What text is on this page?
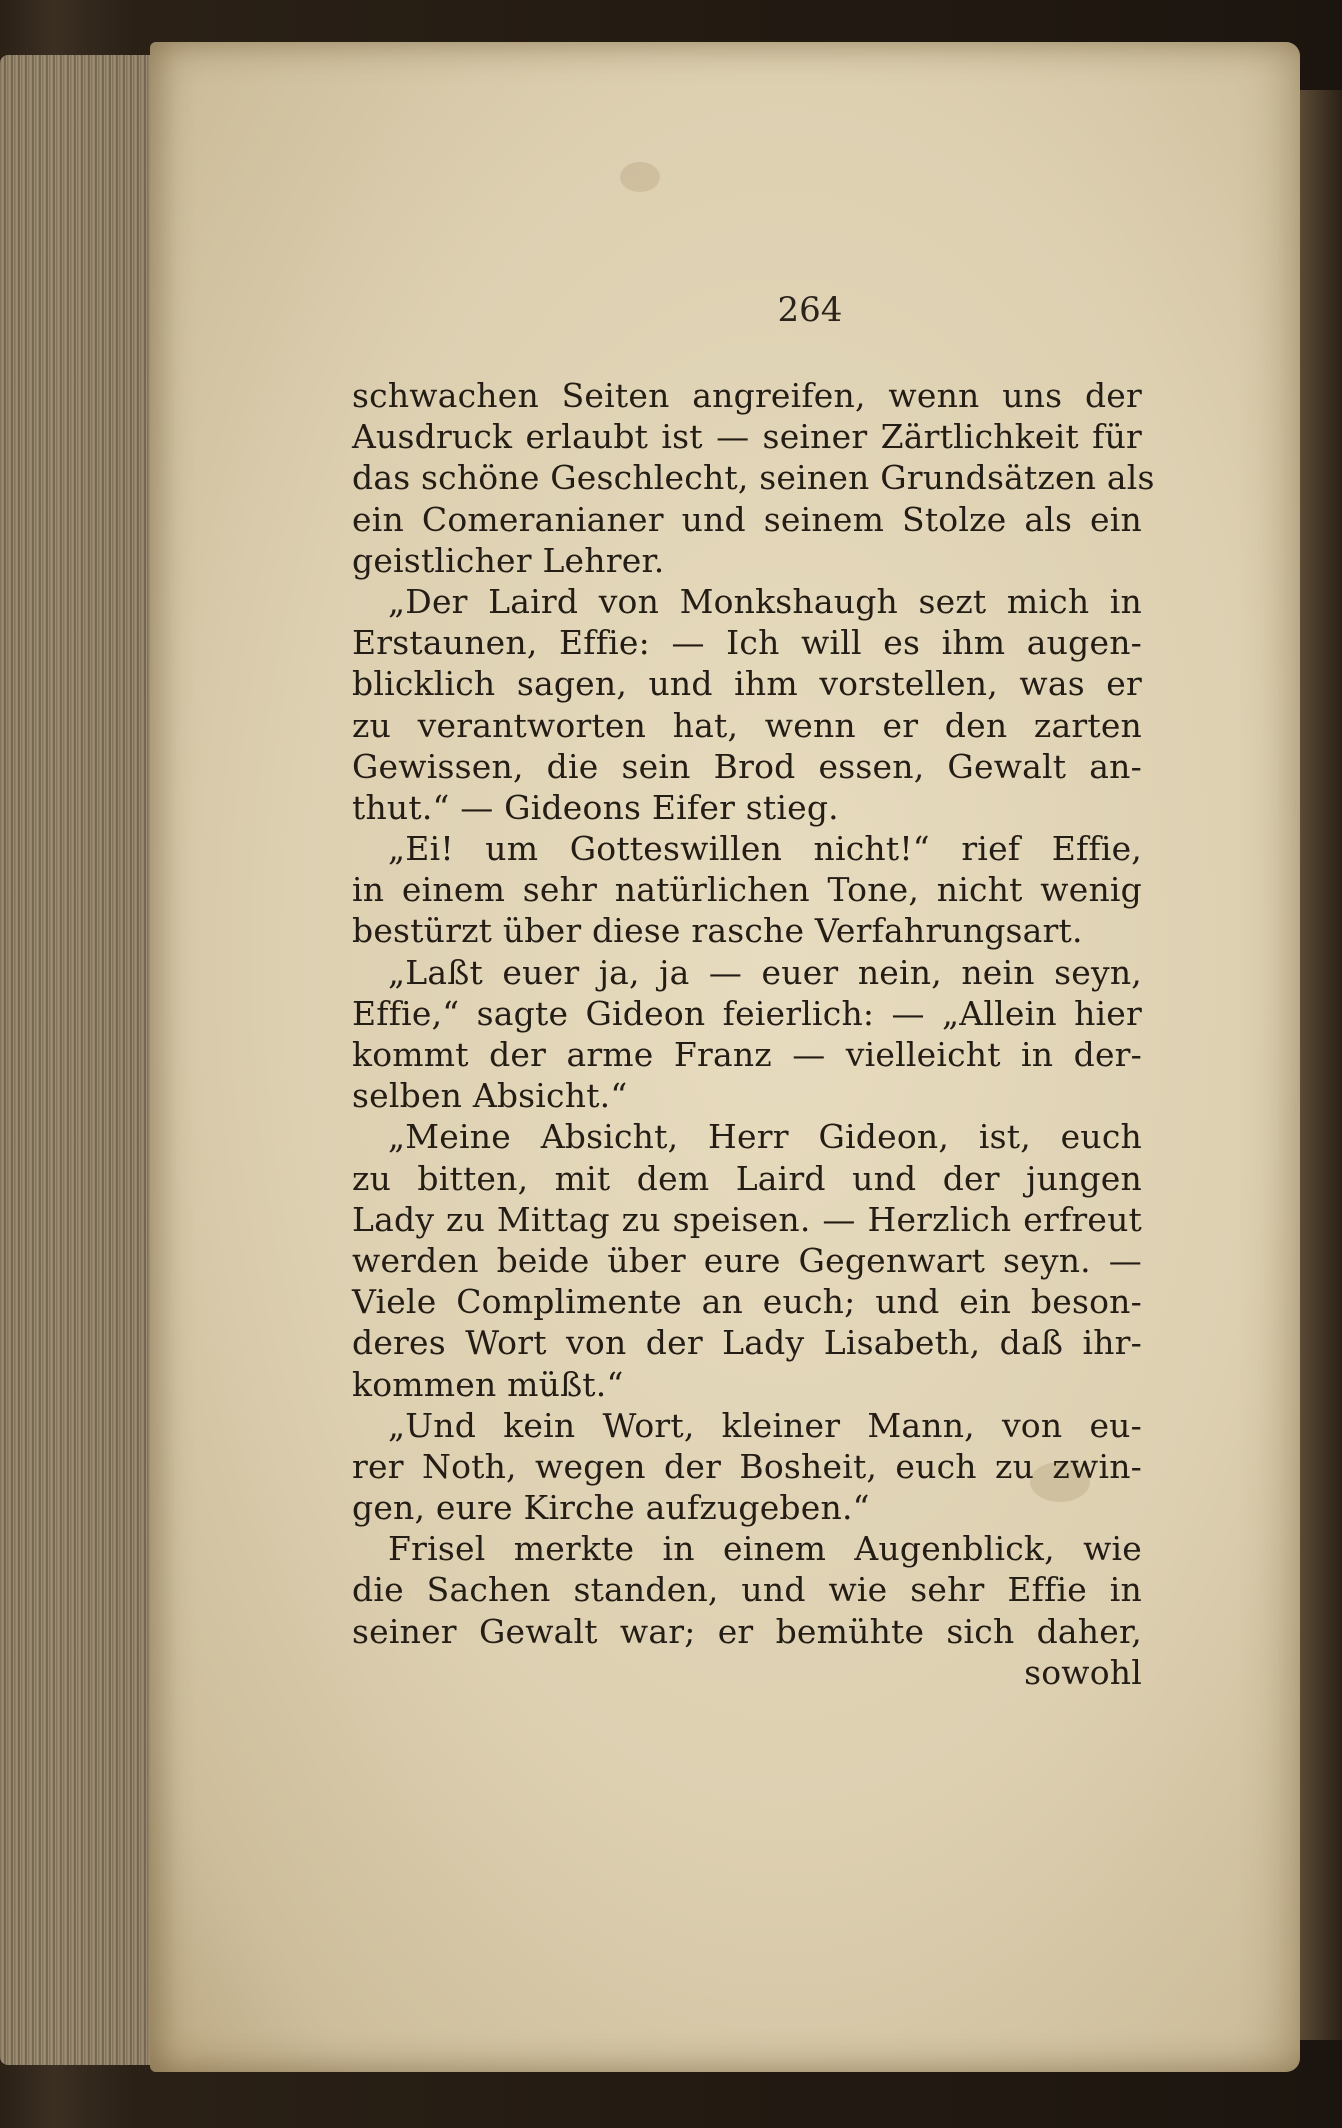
264
schwachen Seiten angreifen, wenn uns der
Ausdruck erlaubt ist — seiner Zärtlichkeit für
das schöne Geschlecht, seinen Grundsätzen als
ein Comeranianer und seinem Stolze als ein
geistlicher Lehrer.
„Der Laird von Monkshaugh sezt mich in
Erstaunen, Effie: — Ich will es ihm augen-
blicklich sagen, und ihm vorstellen, was er
zu verantworten hat, wenn er den zarten
Gewissen, die sein Brod essen, Gewalt an-
thut.“ — Gideons Eifer stieg.
„Ei! um Gotteswillen nicht!“ rief Effie,
in einem sehr natürlichen Tone, nicht wenig
bestürzt über diese rasche Verfahrungsart.
„Laßt euer ja, ja — euer nein, nein seyn,
Effie,“ sagte Gideon feierlich: — „Allein hier
kommt der arme Franz — vielleicht in der-
selben Absicht.“
„Meine Absicht, Herr Gideon, ist, euch
zu bitten, mit dem Laird und der jungen
Lady zu Mittag zu speisen. — Herzlich erfreut
werden beide über eure Gegenwart seyn. —
Viele Complimente an euch; und ein beson-
deres Wort von der Lady Lisabeth, daß ihr-
kommen müßt.“
„Und kein Wort, kleiner Mann, von eu-
rer Noth, wegen der Bosheit, euch zu zwin-
gen, eure Kirche aufzugeben.“
Frisel merkte in einem Augenblick, wie
die Sachen standen, und wie sehr Effie in
seiner Gewalt war; er bemühte sich daher,
sowohl
